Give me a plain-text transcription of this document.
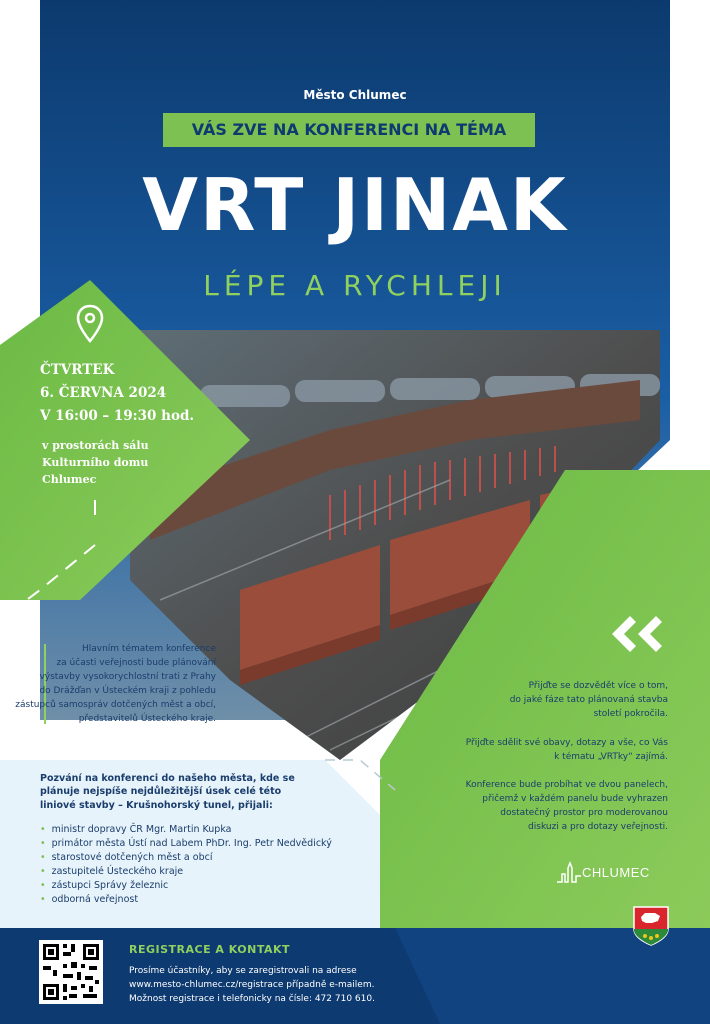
Město Chlumec

VÁS ZVE NA KONFERENCI NA TÉMA
VRT JINAK

LÉPE A RYCHLEJI

ČTVRTEK

6. ČERVNA 2024

V 16:00 – 19:30 hod.

v prostorách sálu

Kulturního domu

Chlumec

Hlavním tématem konference

za účasti veřejnosti bude plánování

výstavby vysokorychlostní trati z Prahy

do Drážďan v Ústeckém kraji z pohledu

zástupců samospráv dotčených měst a obcí,

představitelů Ústeckého kraje.

Přijďte se dozvědět více o tom,

do jaké fáze tato plánovaná stavba

století pokročila.

Přijďte sdělit své obavy, dotazy a vše, co Vás

k tématu „VRTky“ zajímá.

Konference bude probíhat ve dvou panelech,

přičemž v každém panelu bude vyhrazen

dostatečný prostor pro moderovanou

diskuzi a pro dotazy veřejnosti.

CHLUMEC

Pozvání na konferenci do našeho města, kde se

plánuje nejspíše nejdůležitější úsek celé této

liniové stavby – Krušnohorský tunel, přijali:

• ministr dopravy ČR Mgr. Martin Kupka

• primátor města Ústí nad Labem PhDr. Ing. Petr Nedvědický

• starostové dotčených měst a obcí

• zastupitelé Ústeckého kraje

• zástupci Správy železnic

• odborná veřejnost

REGISTRACE A KONTAKT

Prosíme účastníky, aby se zaregistrovali na adrese

www.mesto-chlumec.cz/registrace případně e-mailem.

Možnost registrace i telefonicky na čísle: 472 710 610.
